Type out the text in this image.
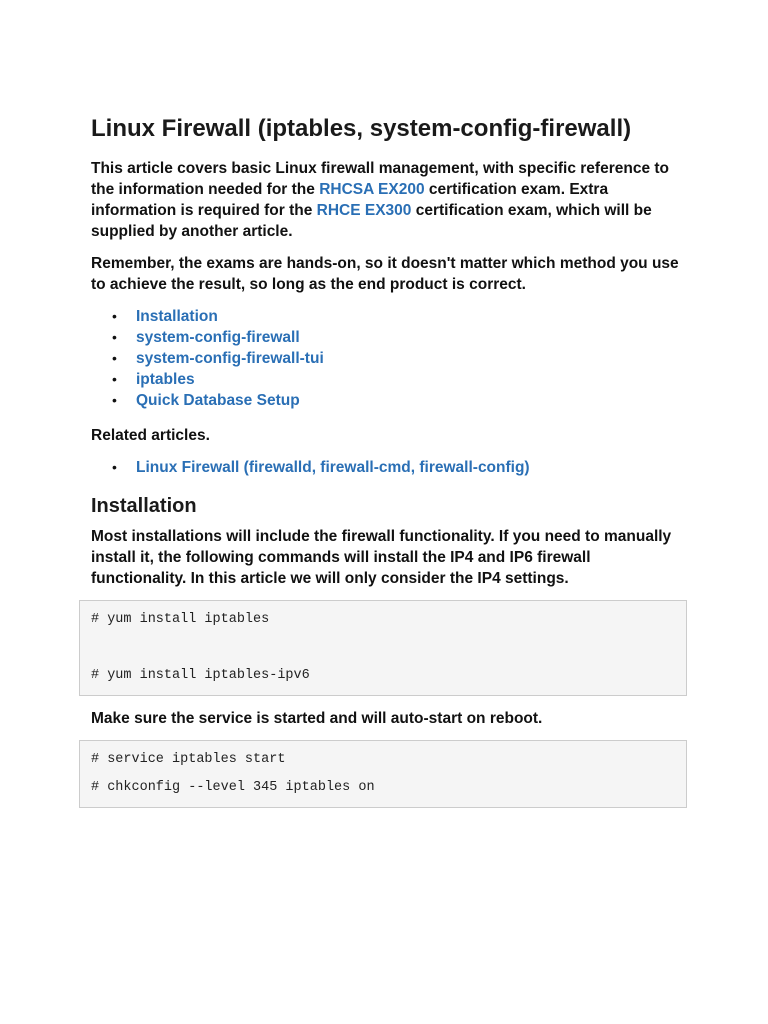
Linux Firewall (iptables, system-config-firewall)

This article covers basic Linux firewall management, with specific reference to the information needed for the RHCSA EX200 certification exam. Extra information is required for the RHCE EX300 certification exam, which will be supplied by another article.

Remember, the exams are hands-on, so it doesn't matter which method you use to achieve the result, so long as the end product is correct.

• Installation
• system-config-firewall
• system-config-firewall-tui
• iptables
• Quick Database Setup

Related articles.

• Linux Firewall (firewalld, firewall-cmd, firewall-config)
Installation

Most installations will include the firewall functionality. If you need to manually install it, the following commands will install the IP4 and IP6 firewall functionality. In this article we will only consider the IP4 settings.

# yum install iptables
# yum install iptables-ipv6

Make sure the service is started and will auto-start on reboot.

# service iptables start
# chkconfig --level 345 iptables on
